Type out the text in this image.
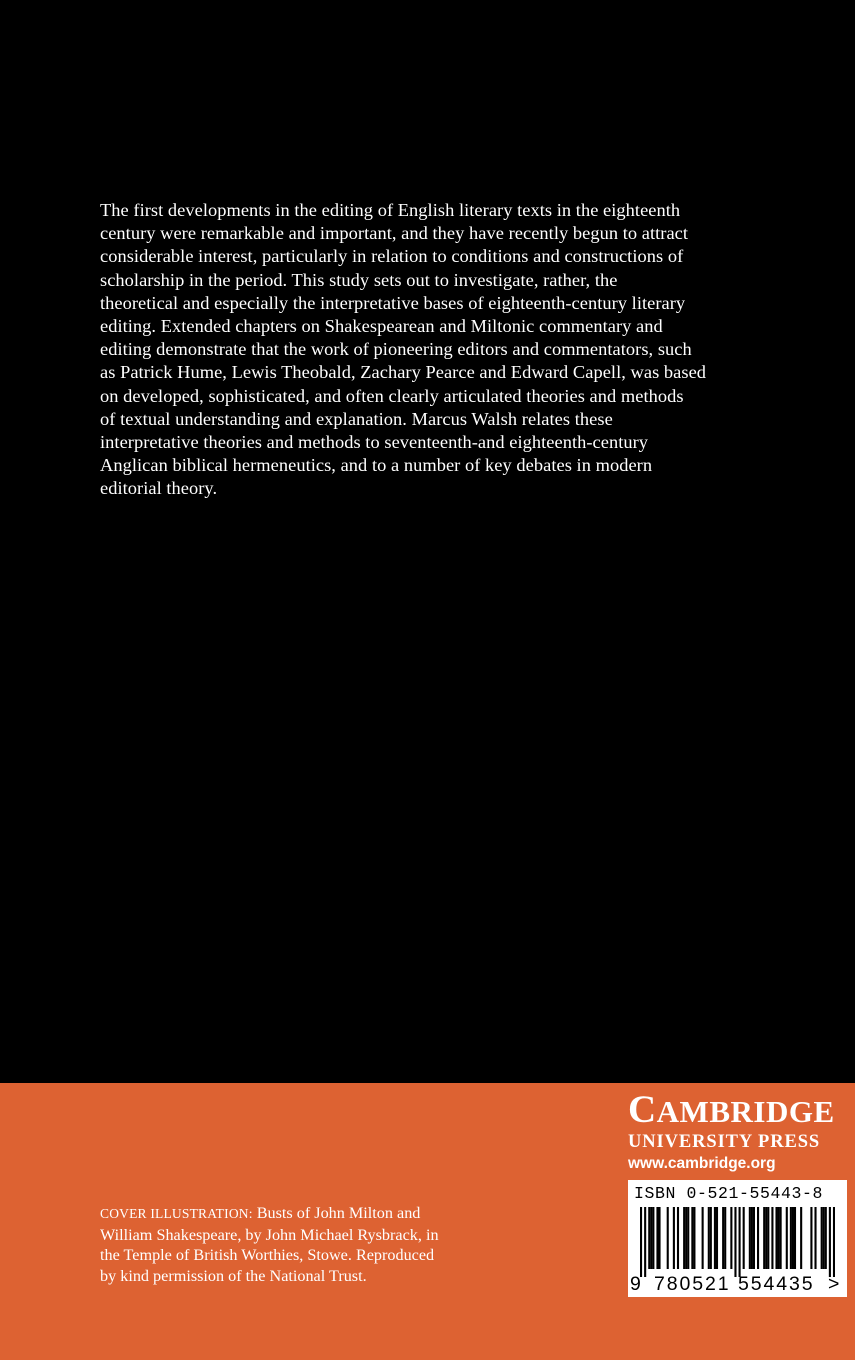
The first developments in the editing of English literary texts in the eighteenth
century were remarkable and important, and they have recently begun to attract
considerable interest, particularly in relation to conditions and constructions of
scholarship in the period. This study sets out to investigate, rather, the
theoretical and especially the interpretative bases of eighteenth-century literary
editing. Extended chapters on Shakespearean and Miltonic commentary and
editing demonstrate that the work of pioneering editors and commentators, such
as Patrick Hume, Lewis Theobald, Zachary Pearce and Edward Capell, was based
on developed, sophisticated, and often clearly articulated theories and methods
of textual understanding and explanation. Marcus Walsh relates these
interpretative theories and methods to seventeenth-and eighteenth-century
Anglican biblical hermeneutics, and to a number of key debates in modern
editorial theory.
COVER ILLUSTRATION: Busts of John Milton and
William Shakespeare, by John Michael Rysbrack, in
the Temple of British Worthies, Stowe. Reproduced
by kind permission of the National Trust.
CAMBRIDGE
UNIVERSITY PRESS
www.cambridge.org
ISBN 0-521-55443-8
9 780521 554435 >
